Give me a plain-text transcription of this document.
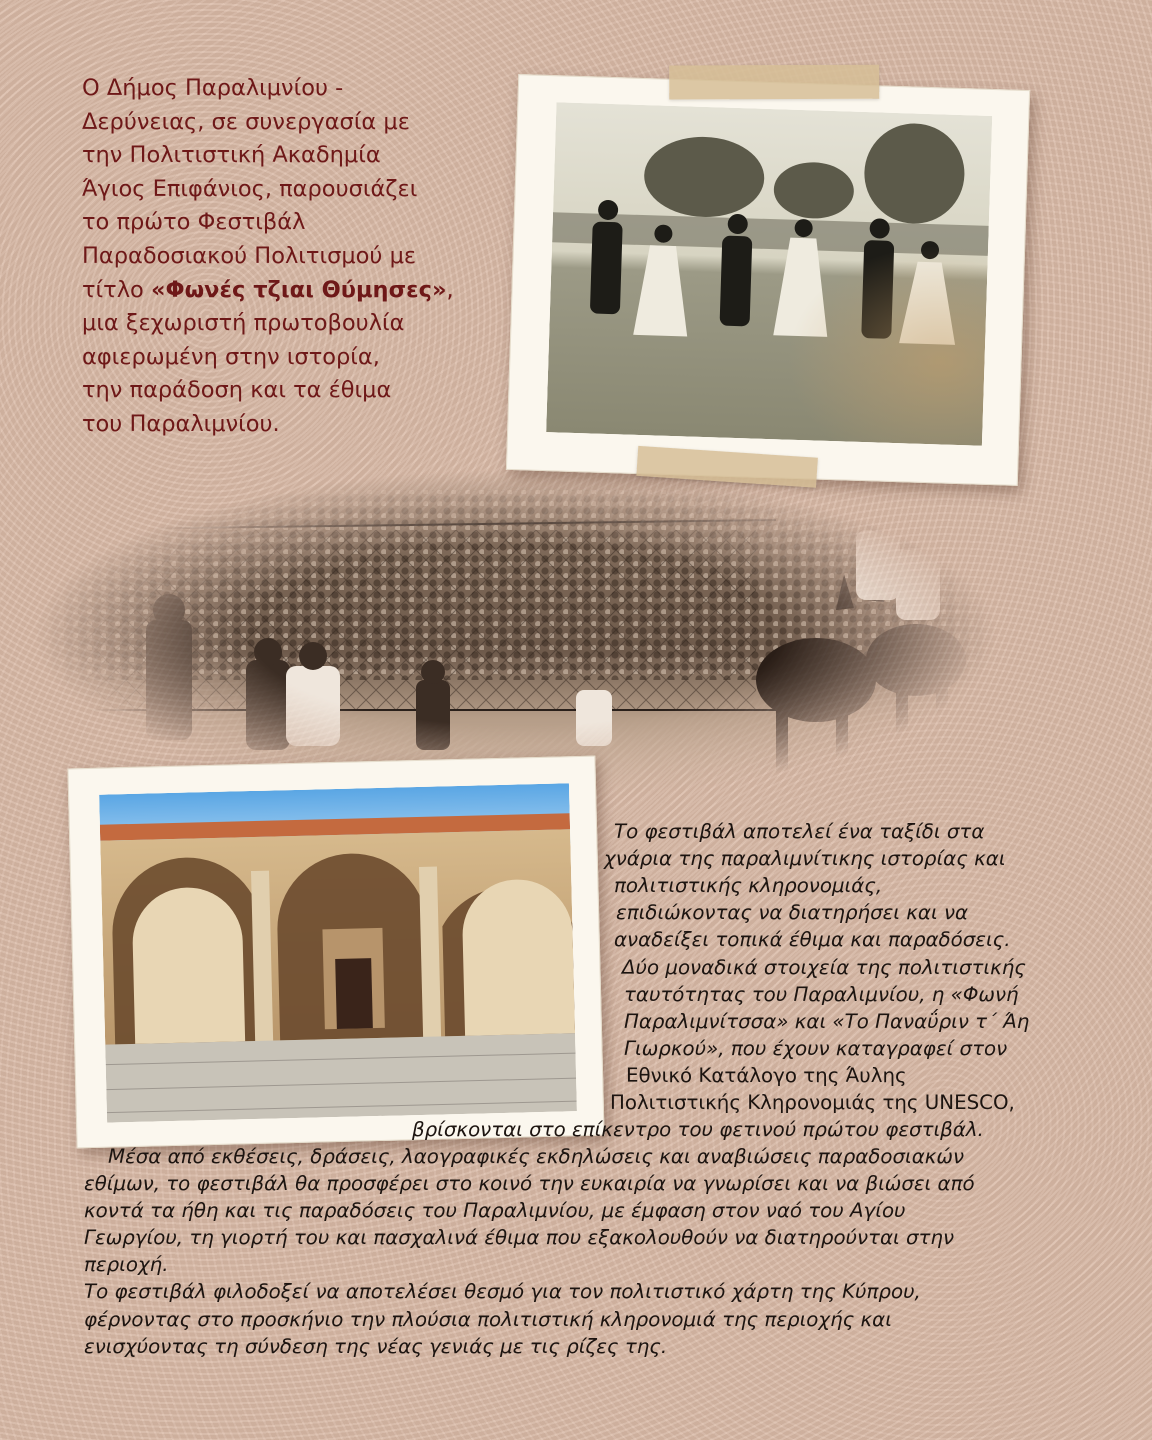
Ο Δήμος Παραλιμνίου -
Δερύνειας, σε συνεργασία με
την Πολιτιστική Ακαδημία
Άγιος Επιφάνιος, παρουσιάζει
το πρώτο Φεστιβάλ
Παραδοσιακού Πολιτισμού με
τίτλο «Φωνές τζιαι Θύμησες»,
μια ξεχωριστή πρωτοβουλία
αφιερωμένη στην ιστορία,
την παράδοση και τα έθιμα
του Παραλιμνίου.
Το φεστιβάλ αποτελεί ένα ταξίδι στα
χνάρια της παραλιμνίτικης ιστορίας και
πολιτιστικής κληρονομιάς,
επιδιώκοντας να διατηρήσει και να
αναδείξει τοπικά έθιμα και παραδόσεις.
Δύο μοναδικά στοιχεία της πολιτιστικής
ταυτότητας του Παραλιμνίου, η «Φωνή
Παραλιμνίτσσα» και «Το Παναΰριν τ΄ Άη
Γιωρκού», που έχουν καταγραφεί στον
Εθνικό Κατάλογο της Άυλης
Πολιτιστικής Κληρονομιάς της UNESCO,
βρίσκονται στο επίκεντρο του φετινού πρώτου φεστιβάλ.
Μέσα από εκθέσεις, δράσεις, λαογραφικές εκδηλώσεις και αναβιώσεις παραδοσιακών
εθίμων, το φεστιβάλ θα προσφέρει στο κοινό την ευκαιρία να γνωρίσει και να βιώσει από
κοντά τα ήθη και τις παραδόσεις του Παραλιμνίου, με έμφαση στον ναό του Αγίου
Γεωργίου, τη γιορτή του και πασχαλινά έθιμα που εξακολουθούν να διατηρούνται στην
περιοχή.
Το φεστιβάλ φιλοδοξεί να αποτελέσει θεσμό για τον πολιτιστικό χάρτη της Κύπρου,
φέρνοντας στο προσκήνιο την πλούσια πολιτιστική κληρονομιά της περιοχής και
ενισχύοντας τη σύνδεση της νέας γενιάς με τις ρίζες της.
